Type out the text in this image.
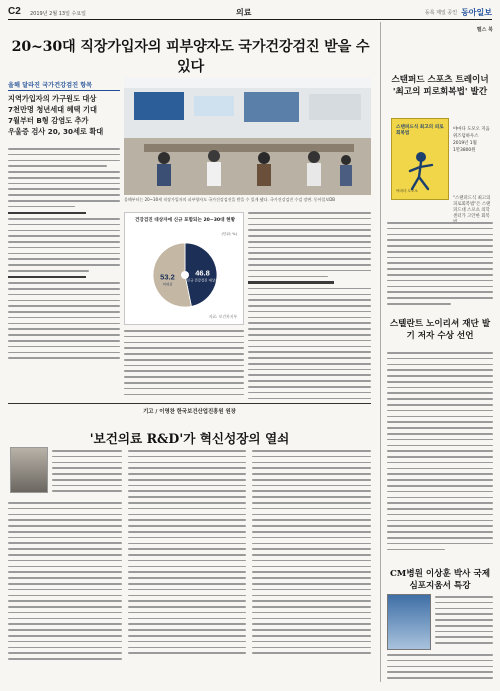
C2 2019년 2월 13일 수요일	의료	등록 제일 공인 동아일보
20~30대 직장가입자의 피부양자도 국가건강검진 받을 수 있다
올해 달라진 국가건강검진 항목
지역가입자의 가구원도 대상
7천만명 청년세대 혜택 기대
7월부터 B형 감염도 추가
우울증 검사 20, 30세로 확대
올해부터는 20~30세 직장가입자의 피부양자도 국가건강검진을 받을 수 있게 됐다. 국가건강검진 수검 장면. 동아일보DB
건강검진 대상자에 신규 포함되는 20~30대 현황
46.8
신규 건강검진 대상자
53.2
미대상
(단위: %)
자료: 보건복지부
기고 / 이영찬 한국보건산업진흥원 원장
'보건의료 R&D'가 혁신성장의 열쇠
헬스 북
스탠퍼드 스포츠 트레이너 '최고의 피로회복법' 발간
스탠퍼드식 최고의 피로회복법
야마다 도모오
야마다 도모오 지음
위즈덤하우스
2019년 1월
1만3800원
"스탠퍼드식 최고의 피로회복법"은 스탠퍼드대 스포츠 의학센터가 고안한 회복
스텔란트 노이리셔 재단 발기 저자 수상 선언
CM병원 이상훈 박사 국제 심포지움서 특강
